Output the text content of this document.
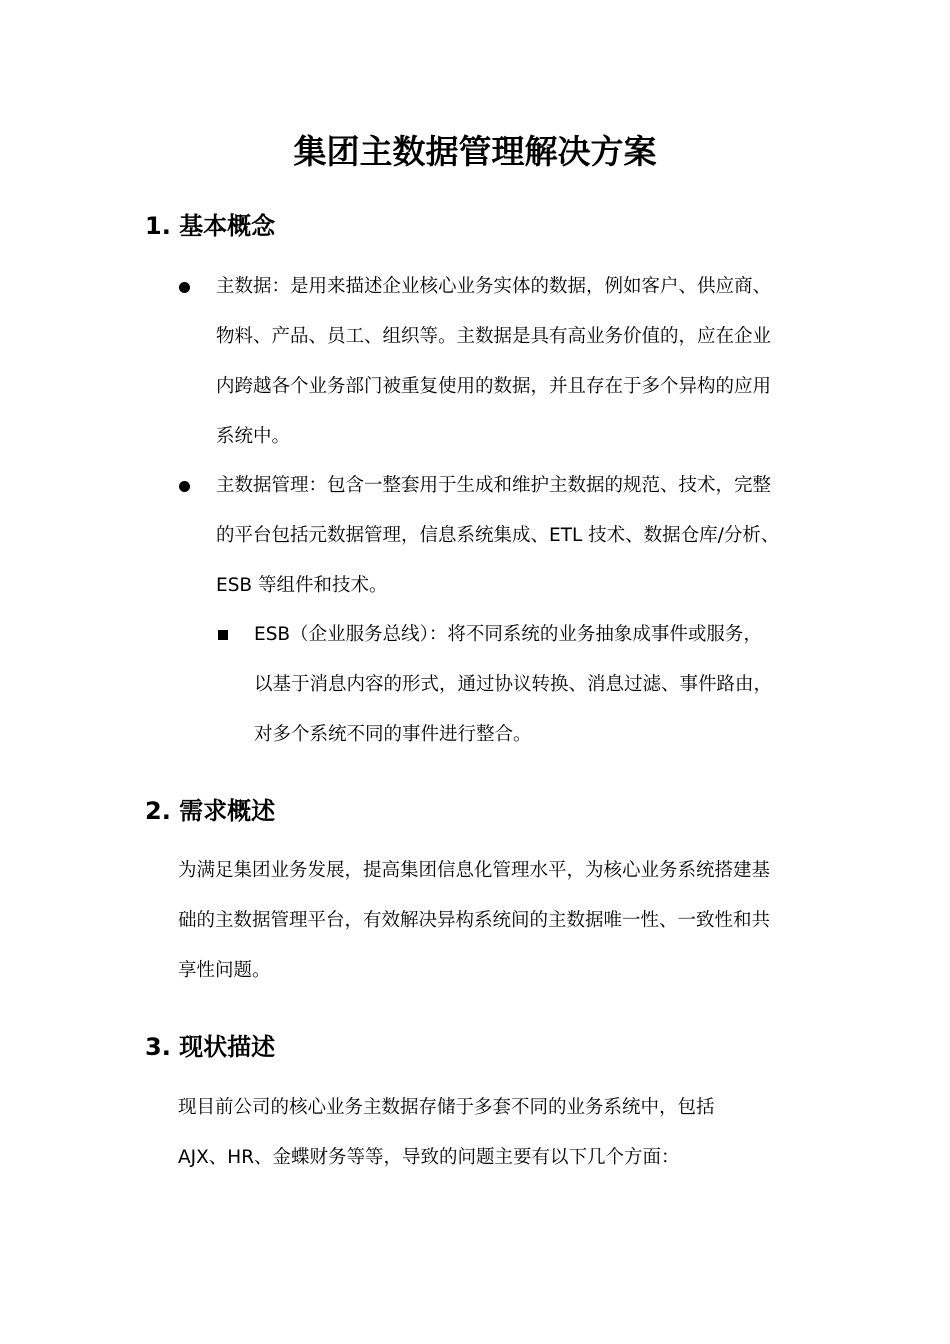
集团主数据管理解决方案
1. 基本概念
主数据：是用来描述企业核心业务实体的数据，例如客户、供应商、
物料、产品、员工、组织等。主数据是具有高业务价值的，应在企业
内跨越各个业务部门被重复使用的数据，并且存在于多个异构的应用
系统中。
主数据管理：包含一整套用于生成和维护主数据的规范、技术，完整
的平台包括元数据管理，信息系统集成、ETL 技术、数据仓库/分析、
ESB 等组件和技术。
ESB（企业服务总线）：将不同系统的业务抽象成事件或服务，
以基于消息内容的形式，通过协议转换、消息过滤、事件路由，
对多个系统不同的事件进行整合。
2. 需求概述
为满足集团业务发展，提高集团信息化管理水平，为核心业务系统搭建基
础的主数据管理平台，有效解决异构系统间的主数据唯一性、一致性和共
享性问题。
3. 现状描述
现目前公司的核心业务主数据存储于多套不同的业务系统中，包括
AJX、HR、金蝶财务等等，导致的问题主要有以下几个方面：
